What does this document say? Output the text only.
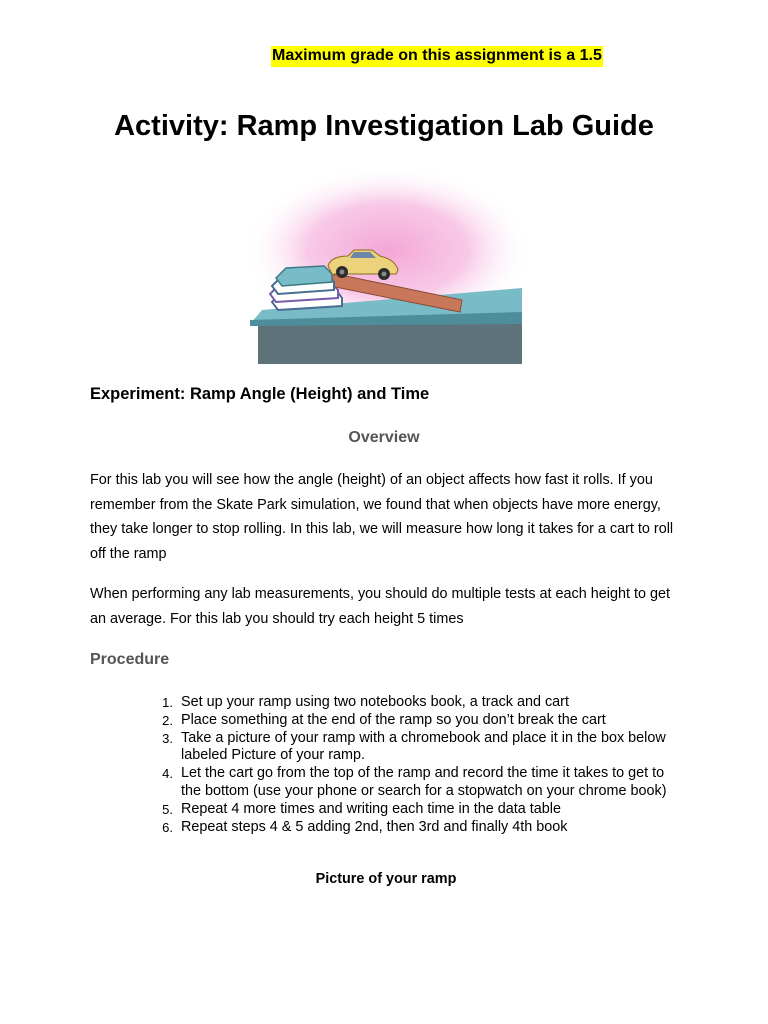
Maximum grade on this assignment is a 1.5
Activity: Ramp Investigation Lab Guide
Experiment: Ramp Angle (Height) and Time
Overview

For this lab you will see how the angle (height) of an object affects how fast it rolls. If you remember from the Skate Park simulation, we found that when objects have more energy, they take longer to stop rolling. In this lab, we will measure how long it takes for a cart to roll off the ramp

When performing any lab measurements, you should do multiple tests at each height to get an average. For this lab you should try each height 5 times

Procedure
1. Set up your ramp using two notebooks book, a track and cart
2. Place something at the end of the ramp so you don’t break the cart
3. Take a picture of your ramp with a chromebook and place it in the box below labeled Picture of your ramp.
4. Let the cart go from the top of the ramp and record the time it takes to get to the bottom (use your phone or search for a stopwatch on your chrome book)
5. Repeat 4 more times and writing each time in the data table
6. Repeat steps 4 & 5 adding 2nd, then 3rd and finally 4th book

Picture of your ramp
